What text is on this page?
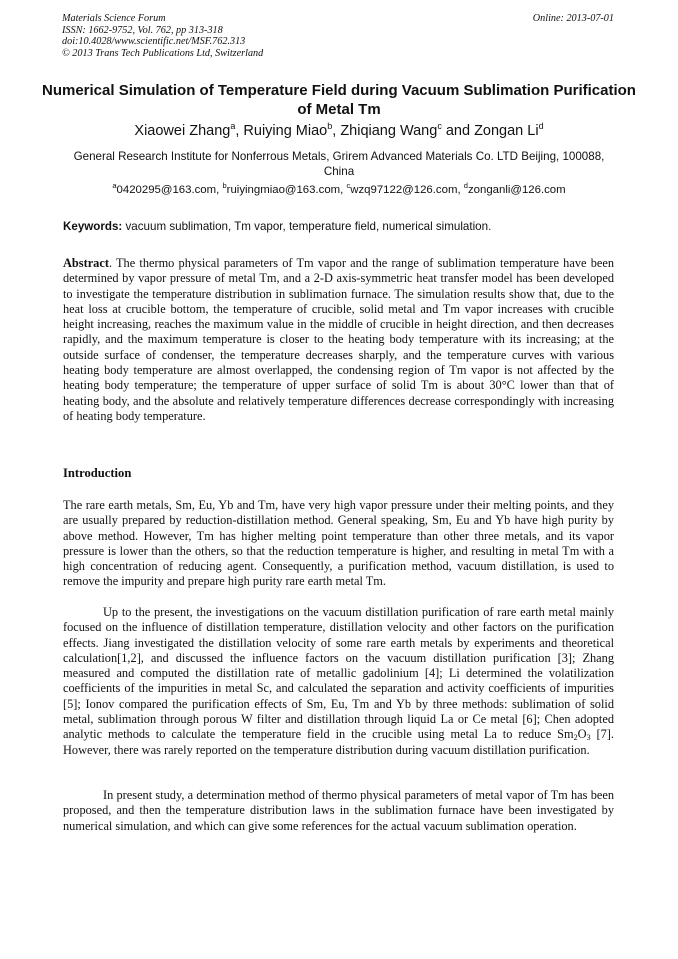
Materials Science Forum
ISSN: 1662-9752, Vol. 762, pp 313-318
doi:10.4028/www.scientific.net/MSF.762.313
© 2013 Trans Tech Publications Ltd, Switzerland
Online: 2013-07-01
Numerical Simulation of Temperature Field during Vacuum Sublimation Purification of Metal Tm
Xiaowei Zhang$^a$, Ruiying Miao$^b$, Zhiqiang Wang$^c$ and Zongan Li$^d$
General Research Institute for Nonferrous Metals, Grirem Advanced Materials Co. LTD Beijing, 100088, China
$^a$0420295@163.com, $^b$ruiyingmiao@163.com, $^c$wzq97122@126.com, $^d$zonganli@126.com
Keywords: vacuum sublimation, Tm vapor, temperature field, numerical simulation.
Abstract. The thermo physical parameters of Tm vapor and the range of sublimation temperature have been determined by vapor pressure of metal Tm, and a 2-D axis-symmetric heat transfer model has been developed to investigate the temperature distribution in sublimation furnace. The simulation results show that, due to the heat loss at crucible bottom, the temperature of crucible, solid metal and Tm vapor increases with crucible height increasing, reaches the maximum value in the middle of crucible in height direction, and then decreases rapidly, and the maximum temperature is closer to the heating body temperature with its increasing; at the outside surface of condenser, the temperature decreases sharply, and the temperature curves with various heating body temperature are almost overlapped, the condensing region of Tm vapor is not affected by the heating body temperature; the temperature of upper surface of solid Tm is about 30°C lower than that of heating body, and the absolute and relatively temperature differences decrease correspondingly with increasing of heating body temperature.
Introduction
The rare earth metals, Sm, Eu, Yb and Tm, have very high vapor pressure under their melting points, and they are usually prepared by reduction-distillation method. General speaking, Sm, Eu and Yb have high purity by above method. However, Tm has higher melting point temperature than other three metals, and its vapor pressure is lower than the others, so that the reduction temperature is higher, and resulting in metal Tm with a high concentration of reducing agent. Consequently, a purification method, vacuum distillation, is used to remove the impurity and prepare high purity rare earth metal Tm.
Up to the present, the investigations on the vacuum distillation purification of rare earth metal mainly focused on the influence of distillation temperature, distillation velocity and other factors on the purification effects. Jiang investigated the distillation velocity of some rare earth metals by experiments and theoretical calculation[1,2], and discussed the influence factors on the vacuum distillation purification [3]; Zhang measured and computed the distillation rate of metallic gadolinium [4]; Li determined the volatilization coefficients of the impurities in metal Sc, and calculated the separation and activity coefficients of impurities [5]; Ionov compared the purification effects of Sm, Eu, Tm and Yb by three methods: sublimation of solid metal, sublimation through porous W filter and distillation through liquid La or Ce metal [6]; Chen adopted analytic methods to calculate the temperature field in the crucible using metal La to reduce $Sm_2O_3$ [7]. However, there was rarely reported on the temperature distribution during vacuum distillation purification.
In present study, a determination method of thermo physical parameters of metal vapor of Tm has been proposed, and then the temperature distribution laws in the sublimation furnace have been investigated by numerical simulation, and which can give some references for the actual vacuum sublimation operation.
